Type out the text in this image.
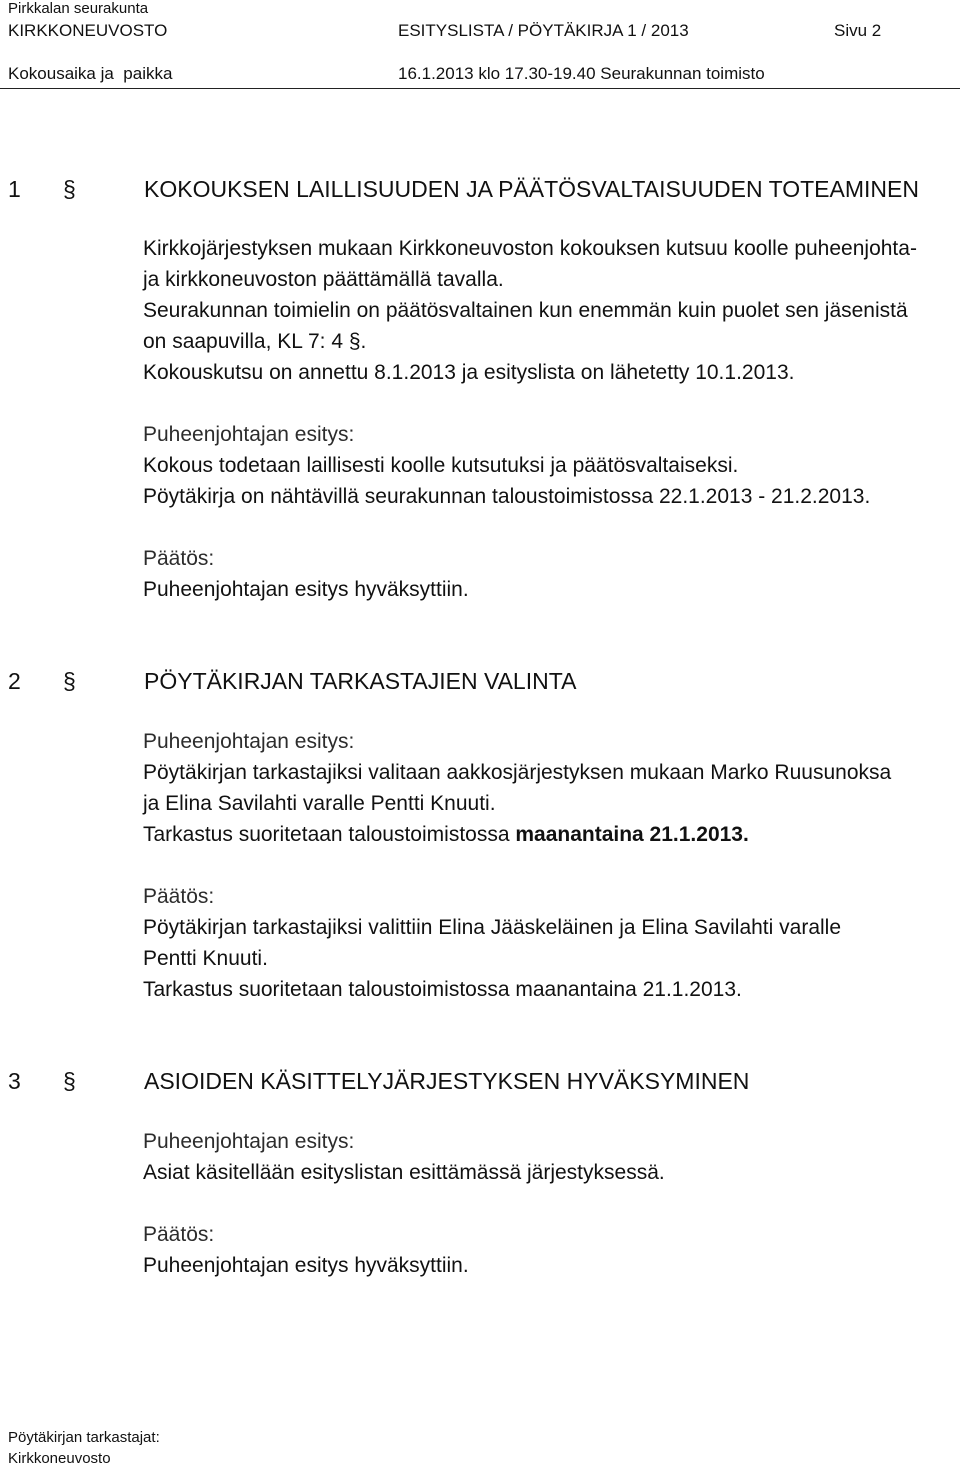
Pirkkalan seurakunta
KIRKKONEUVOSTO	ESITYSLISTA / PÖYTÄKIRJA 1 / 2013	Sivu 2
Kokousaika ja  paikka	16.1.2013 klo 17.30-19.40 Seurakunnan toimisto
1 §	KOKOUKSEN LAILLISUUDEN JA PÄÄTÖSVALTAISUUDEN TOTEAMINEN
Kirkkojärjestyksen mukaan Kirkkoneuvoston kokouksen kutsuu koolle puheenjohta-
ja kirkkoneuvoston päättämällä tavalla.
Seurakunnan toimielin on päätösvaltainen kun enemmän kuin puolet sen jäsenistä
on saapuvilla, KL 7: 4 §.
Kokouskutsu on annettu 8.1.2013 ja esityslista on lähetetty 10.1.2013.
Puheenjohtajan esitys:
Kokous todetaan laillisesti koolle kutsutuksi ja päätösvaltaiseksi.
Pöytäkirja on nähtävillä seurakunnan taloustoimistossa 22.1.2013 - 21.2.2013.
Päätös:
Puheenjohtajan esitys hyväksyttiin.
2 §	PÖYTÄKIRJAN TARKASTAJIEN VALINTA
Puheenjohtajan esitys:
Pöytäkirjan tarkastajiksi valitaan aakkosjärjestyksen mukaan Marko Ruusunoksa
ja Elina Savilahti varalle Pentti Knuuti.
Tarkastus suoritetaan taloustoimistossa maanantaina 21.1.2013.
Päätös:
Pöytäkirjan tarkastajiksi valittiin Elina Jääskeläinen ja Elina Savilahti varalle
Pentti Knuuti.
Tarkastus suoritetaan taloustoimistossa maanantaina 21.1.2013.
3 §	ASIOIDEN KÄSITTELYJÄRJESTYKSEN HYVÄKSYMINEN
Puheenjohtajan esitys:
Asiat käsitellään esityslistan esittämässä järjestyksessä.
Päätös:
Puheenjohtajan esitys hyväksyttiin.
Pöytäkirjan tarkastajat:
Kirkkoneuvosto
